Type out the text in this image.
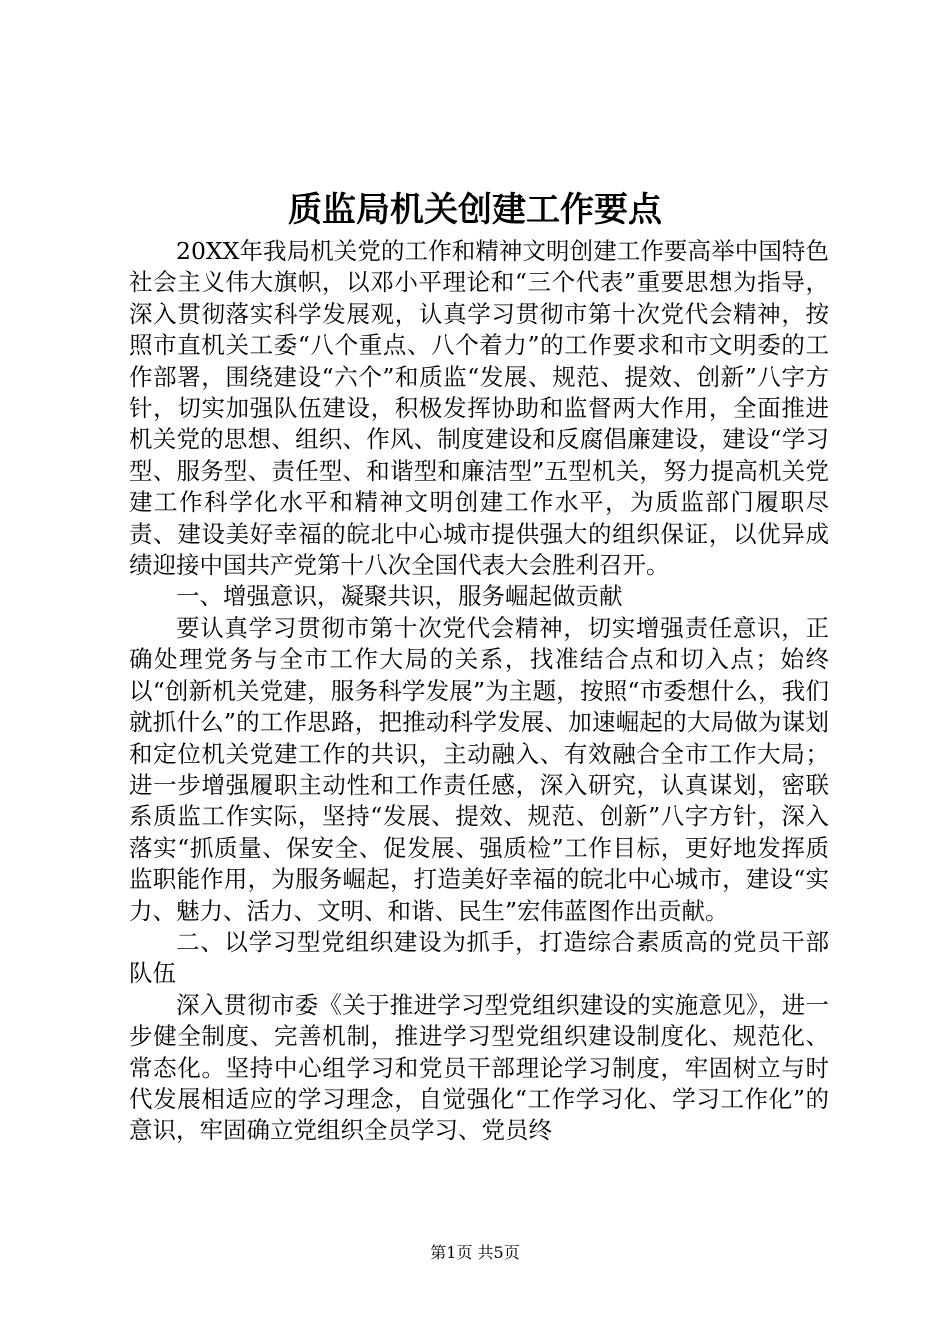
质监局机关创建工作要点

20XX年我局机关党的工作和精神文明创建工作要高举中国特色社会主义伟大旗帜，以邓小平理论和“三个代表”重要思想为指导，深入贯彻落实科学发展观，认真学习贯彻市第十次党代会精神，按照市直机关工委“八个重点、八个着力”的工作要求和市文明委的工作部署，围绕建设“六个”和质监“发展、规范、提效、创新”八字方针，切实加强队伍建设，积极发挥协助和监督两大作用，全面推进机关党的思想、组织、作风、制度建设和反腐倡廉建设，建设“学习型、服务型、责任型、和谐型和廉洁型”五型机关，努力提高机关党建工作科学化水平和精神文明创建工作水平，为质监部门履职尽责、建设美好幸福的皖北中心城市提供强大的组织保证，以优异成绩迎接中国共产党第十八次全国代表大会胜利召开。

一、增强意识，凝聚共识，服务崛起做贡献

要认真学习贯彻市第十次党代会精神，切实增强责任意识，正确处理党务与全市工作大局的关系，找准结合点和切入点；始终以“创新机关党建，服务科学发展”为主题，按照“市委想什么，我们就抓什么”的工作思路，把推动科学发展、加速崛起的大局做为谋划和定位机关党建工作的共识，主动融入、有效融合全市工作大局；进一步增强履职主动性和工作责任感，深入研究，认真谋划，密联系质监工作实际，坚持“发展、提效、规范、创新”八字方针，深入落实“抓质量、保安全、促发展、强质检”工作目标，更好地发挥质监职能作用，为服务崛起，打造美好幸福的皖北中心城市，建设“实力、魅力、活力、文明、和谐、民生”宏伟蓝图作出贡献。

二、以学习型党组织建设为抓手，打造综合素质高的党员干部队伍

深入贯彻市委《关于推进学习型党组织建设的实施意见》，进一步健全制度、完善机制，推进学习型党组织建设制度化、规范化、常态化。坚持中心组学习和党员干部理论学习制度，牢固树立与时代发展相适应的学习理念，自觉强化“工作学习化、学习工作化”的意识，牢固确立党组织全员学习、党员终

第1页 共5页
